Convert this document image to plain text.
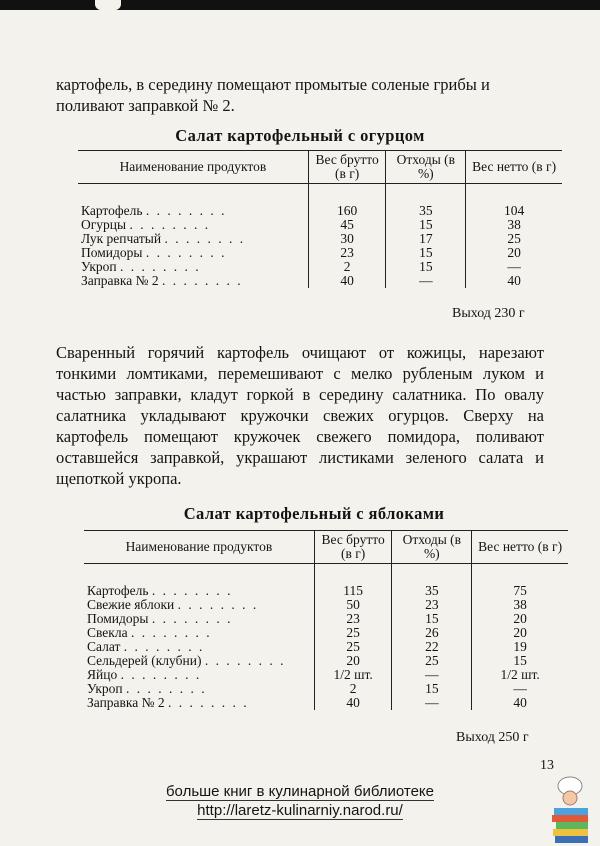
картофель, в середину помещают промытые соленые грибы и поливают заправкой № 2.

Салат картофельный с огурцом
Наименование продуктов	Вес брутто (в г)	Отходы (в %)	Вес нетто (в г)

Картофель . . . . . . . .	160	35	104
Огурцы . . . . . . . .	45	15	38
Лук репчатый . . . . . . . .	30	17	25
Помидоры . . . . . . . .	23	15	20
Укроп . . . . . . . .	2	15	—
Заправка № 2 . . . . . . . .	40	—	40
Выход 230 г

Сваренный горячий картофель очищают от кожицы, нарезают тонкими ломтиками, перемешивают с мелко рубленым луком и частью заправки, кладут горкой в середину салатника. По овалу салатника укладывают кружочки свежих огурцов. Сверху на картофель помещают кружочек свежего помидора, поливают оставшейся заправкой, украшают листиками зеленого салата и щепоткой укропа.

Салат картофельный с яблоками
Наименование продуктов	Вес брутто (в г)	Отходы (в %)	Вес нетто (в г)

Картофель . . . . . . . .	115	35	75
Свежие яблоки . . . . . . . .	50	23	38
Помидоры . . . . . . . .	23	15	20
Свекла . . . . . . . .	25	26	20
Салат . . . . . . . .	25	22	19
Сельдерей (клубни) . . . . . . . .	20	25	15
Яйцо . . . . . . . .	1/2 шт.	—	1/2 шт.
Укроп . . . . . . . .	2	15	—
Заправка № 2 . . . . . . . .	40	—	40
Выход 250 г
13
больше книг в кулинарной библиотеке
http://laretz-kulinarniy.narod.ru/
